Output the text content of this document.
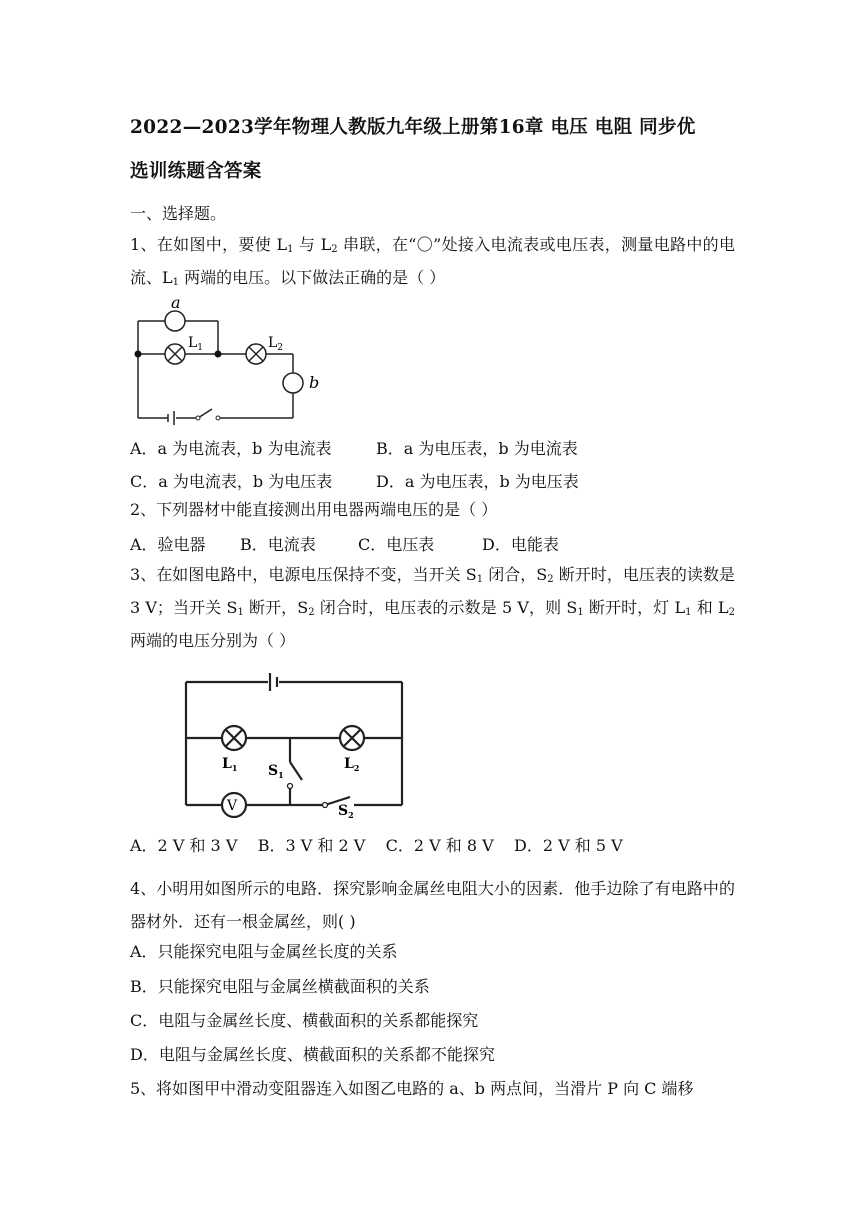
2022—2023学年物理人教版九年级上册第16章 电压 电阻 同步优
选训练题含答案
一、选择题。
1、在如图中，要使 $L_1$ 与 $L_2$ 串联，在“〇”处接入电流表或电压表，测量电路中的电流、$L_1$ 两端的电压。以下做法正确的是（ ）
a
b
$L_1$	$L_2$
A．a 为电流表，b 为电流表	B．a 为电压表，b 为电流表
C．a 为电流表，b 为电压表	D．a 为电压表，b 为电压表
2、下列器材中能直接测出用电器两端电压的是（ ）
A．验电器 B．电流表	C．电压表	D．电能表
3、在如图电路中，电源电压保持不变，当开关 $S_1$ 闭合，$S_2$ 断开时，电压表的读数是 3 V；当开关 $S_1$ 断开，$S_2$ 闭合时，电压表的示数是 5 V，则 $S_1$ 断开时，灯 $L_1$ 和 $L_2$ 两端的电压分别为（ ）
V
$L_1$	$L_2$
$S_1$
$S_2$
A．2 V 和 3 V    B．3 V 和 2 V    C．2 V 和 8 V    D．2 V 和 5 V
4、小明用如图所示的电路．探究影响金属丝电阻大小的因素．他手边除了有电路中的器材外．还有一根金属丝，则( )
A．只能探究电阻与金属丝长度的关系
B．只能探究电阻与金属丝横截面积的关系
C．电阻与金属丝长度、横截面积的关系都能探究
D．电阻与金属丝长度、横截面积的关系都不能探究
5、将如图甲中滑动变阻器连入如图乙电路的 a、b 两点间，当滑片 P 向 C 端移
